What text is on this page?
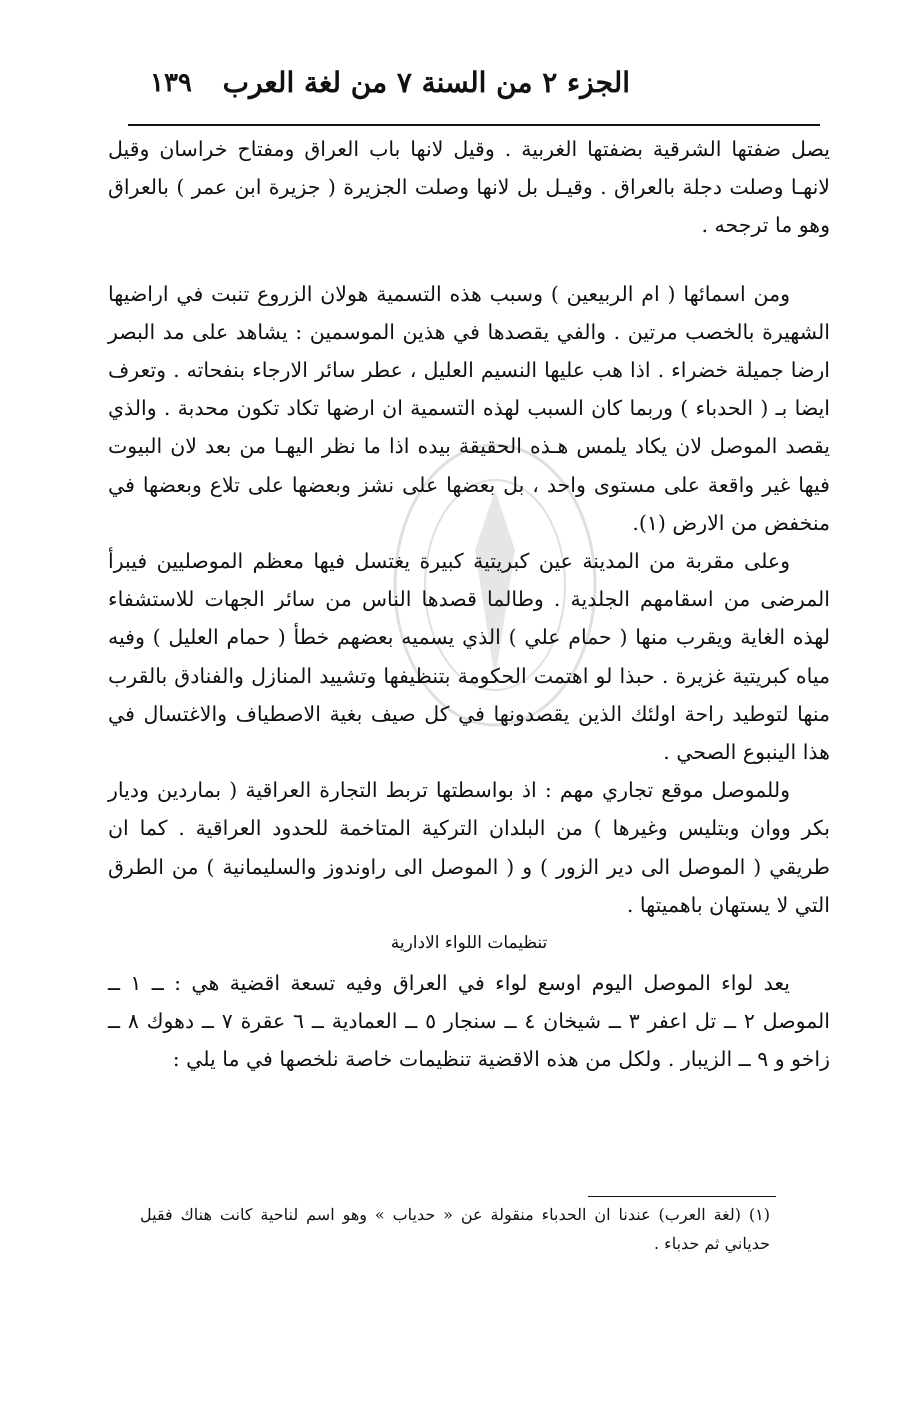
الجزء ٢ من السنة ٧ من لغة العرب
١٣٩

يصل ضفتها الشرقية بضفتها الغربية . وقيل لانها باب العراق ومفتاح خراسان وقيل لانهـا وصلت دجلة بالعراق . وقيـل بل لانها وصلت الجزيرة ( جزيرة ابن عمر ) بالعراق وهو ما ترجحه .

ومن اسمائها ( ام الربيعين ) وسبب هذه التسمية هولان الزروع تنبت في اراضيها الشهيرة بالخصب مرتين . والفي يقصدها في هذين الموسمين : يشاهد على مد البصر ارضا جميلة خضراء . اذا هب عليها النسيم العليل ، عطر سائر الارجاء بنفحاته . وتعرف ايضا بـ ( الحدباء ) وربما كان السبب لهذه التسمية ان ارضها تكاد تكون محدبة . والذي يقصد الموصل لان يكاد يلمس هـذه الحقيقة بيده اذا ما نظر اليهـا من بعد لان البيوت فيها غير واقعة على مستوى واحد ، بل بعضها على نشز وبعضها على تلاع وبعضها في منخفض من الارض (١).

وعلى مقربة من المدينة عين كبريتية كبيرة يغتسل فيها معظم الموصليين فيبرأ المرضى من اسقامهم الجلدية . وطالما قصدها الناس من سائر الجهات للاستشفاء لهذه الغاية ويقرب منها ( حمام علي ) الذي يسميه بعضهم خطأ ( حمام العليل ) وفيه مياه كبريتية غزيرة . حبذا لو اهتمت الحكومة بتنظيفها وتشييد المنازل والفنادق بالقرب منها لتوطيد راحة اولئك الذين يقصدونها في كل صيف بغية الاصطياف والاغتسال في هذا الينبوع الصحي .

وللموصل موقع تجاري مهم : اذ بواسطتها تربط التجارة العراقية ( بماردين وديار بكر ووان وبتليس وغيرها ) من البلدان التركية المتاخمة للحدود العراقية . كما ان طريقي ( الموصل الى دير الزور ) و ( الموصل الى راوندوز والسليمانية ) من الطرق التي لا يستهان باهميتها .

تنظيمات اللواء الادارية

يعد لواء الموصل اليوم اوسع لواء في العراق وفيه تسعة اقضية هي : ــ ١ ــ الموصل ٢ ــ تل اعفر ٣ ــ شيخان ٤ ــ سنجار ٥ ــ العمادية ــ ٦ عقرة ٧ ــ دهوك ٨ ــ زاخو و ٩ ــ الزيبار . ولكل من هذه الاقضية تنظيمات خاصة نلخصها في ما يلي :

(١) (لغة العرب) عندنا ان الحدباء منقولة عن « حدياب » وهو اسم لناحية كانت هناك فقيل حدياني ثم حدباء .
